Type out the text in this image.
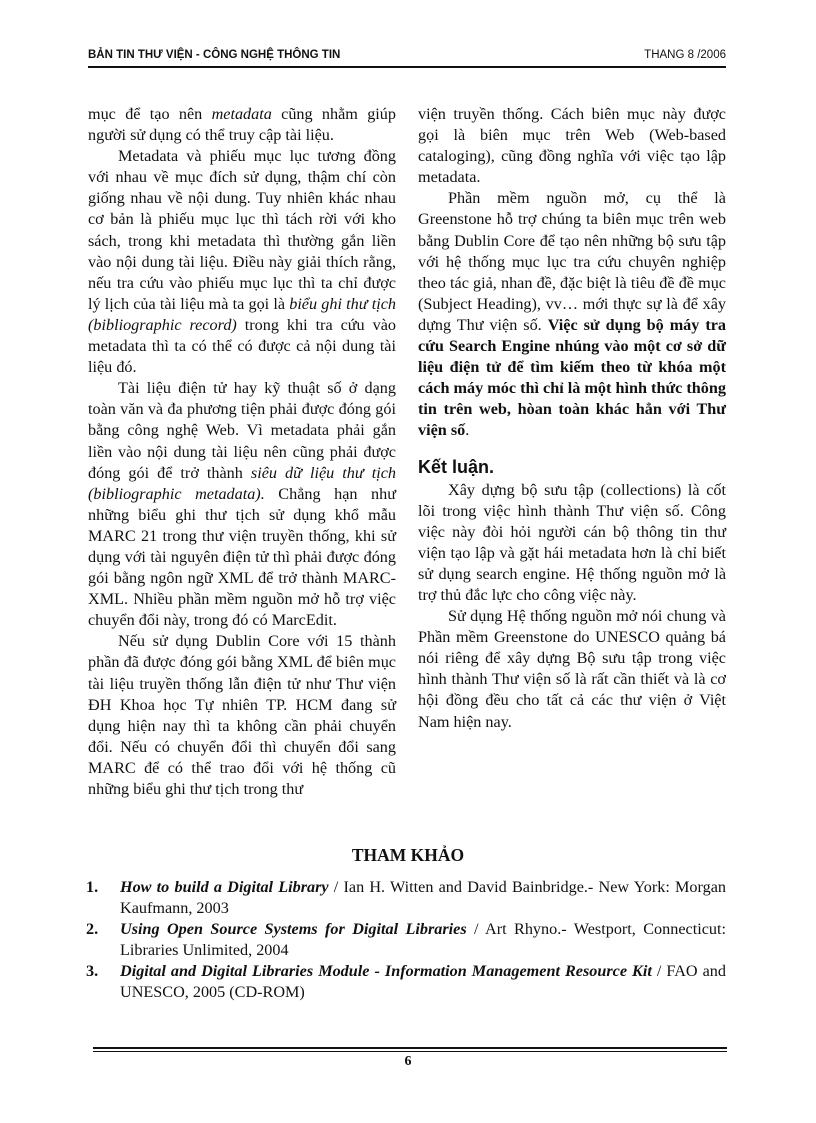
BẢN TIN THƯ VIỆN - CÔNG NGHỆ THÔNG TIN	THANG 8 /2006

mục để tạo nên metadata cũng nhằm giúp người sử dụng có thể truy cập tài liệu.

Metadata và phiếu mục lục tương đồng với nhau về mục đích sử dụng, thậm chí còn giống nhau về nội dung. Tuy nhiên khác nhau cơ bản là phiếu mục lục thì tách rời với kho sách, trong khi metadata thì thường gắn liền vào nội dung tài liệu. Điều này giải thích rằng, nếu tra cứu vào phiếu mục lục thì ta chỉ được lý lịch của tài liệu mà ta gọi là biểu ghi thư tịch (bibliographic record) trong khi tra cứu vào metadata thì ta có thể có được cả nội dung tài liệu đó.

Tài liệu điện tử hay kỹ thuật số ở dạng toàn văn và đa phương tiện phải được đóng gói bằng công nghệ Web. Vì metadata phải gắn liền vào nội dung tài liệu nên cũng phải được đóng gói để trở thành siêu dữ liệu thư tịch (bibliographic metadata). Chẳng hạn như những biểu ghi thư tịch sử dụng khổ mẫu MARC 21 trong thư viện truyền thống, khi sử dụng với tài nguyên điện tử thì phải được đóng gói bằng ngôn ngữ XML để trở thành MARC-XML. Nhiều phần mềm nguồn mở hỗ trợ việc chuyển đổi này, trong đó có MarcEdit.

Nếu sử dụng Dublin Core với 15 thành phần đã được đóng gói bằng XML để biên mục tài liệu truyền thống lẫn điện tử như Thư viện ĐH Khoa học Tự nhiên TP. HCM đang sử dụng hiện nay thì ta không cần phải chuyển đổi. Nếu có chuyển đổi thì chuyển đổi sang MARC để có thể trao đổi với hệ thống cũ những biểu ghi thư tịch trong thư

viện truyền thống. Cách biên mục này được gọi là biên mục trên Web (Web-based cataloging), cũng đồng nghĩa với việc tạo lập metadata.

Phần mềm nguồn mở, cụ thể là Greenstone hỗ trợ chúng ta biên mục trên web bằng Dublin Core để tạo nên những bộ sưu tập với hệ thống mục lục tra cứu chuyên nghiệp theo tác giả, nhan đề, đặc biệt là tiêu đề đề mục (Subject Heading), vv… mới thực sự là để xây dựng Thư viện số. Việc sử dụng bộ máy tra cứu Search Engine nhúng vào một cơ sở dữ liệu điện tử để tìm kiếm theo từ khóa một cách máy móc thì chỉ là một hình thức thông tin trên web, hòan toàn khác hẳn với Thư viện số.

Kết luận.

Xây dựng bộ sưu tập (collections) là cốt lõi trong việc hình thành Thư viện số. Công việc này đòi hỏi người cán bộ thông tin thư viện tạo lập và gặt hái metadata hơn là chỉ biết sử dụng search engine. Hệ thống nguồn mở là trợ thủ đắc lực cho công việc này.

Sử dụng Hệ thống nguồn mở nói chung và Phần mềm Greenstone do UNESCO quảng bá nói riêng để xây dựng Bộ sưu tập trong việc hình thành Thư viện số là rất cần thiết và là cơ hội đồng đều cho tất cả các thư viện ở Việt Nam hiện nay.

THAM KHẢO
1. How to build a Digital Library / Ian H. Witten and David Bainbridge.- New York: Morgan Kaufmann, 2003
2. Using Open Source Systems for Digital Libraries / Art Rhyno.- Westport, Connecticut: Libraries Unlimited, 2004
3. Digital and Digital Libraries Module - Information Management Resource Kit / FAO and UNESCO, 2005 (CD-ROM)
6
